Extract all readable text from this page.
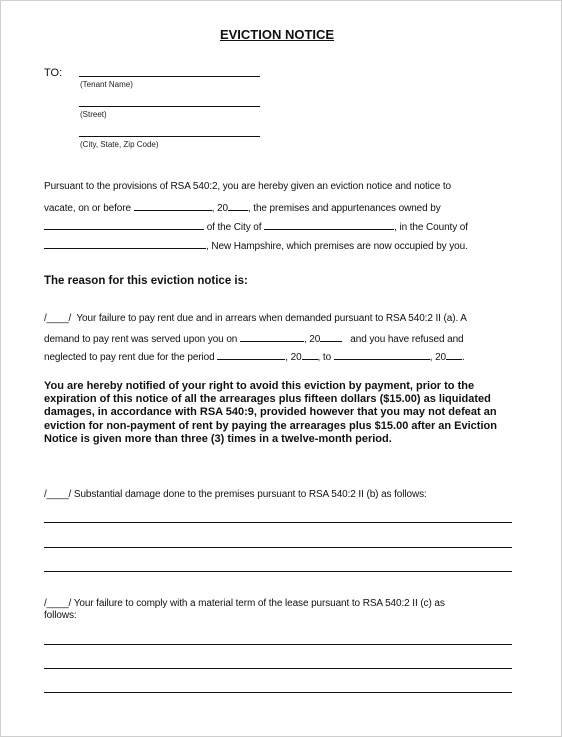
EVICTION NOTICE
TO:
(Tenant Name)
(Street)
(City, State, Zip Code)
Pursuant to the provisions of RSA 540:2, you are hereby given an eviction notice and notice to
vacate, on or before	, 20 , the premises and appurtenances owned by
of the City of	, in the County of
, New Hampshire, which premises are now occupied by you.
The reason for this eviction notice is:
/____/ Your failure to pay rent due and in arrears when demanded pursuant to RSA 540:2 II (a). A
demand to pay rent was served upon you on	, 20	and you have refused and
neglected to pay rent due for the period	, 20 , to	, 20 .
You are hereby notified of your right to avoid this eviction by payment, prior to the expiration of this notice of all the arrearages plus fifteen dollars ($15.00) as liquidated damages, in accordance with RSA 540:9, provided however that you may not defeat an eviction for non-payment of rent by paying the arrearages plus $15.00 after an Eviction Notice is given more than three (3) times in a twelve-month period.
/____/ Substantial damage done to the premises pursuant to RSA 540:2 II (b) as follows:
/____/ Your failure to comply with a material term of the lease pursuant to RSA 540:2 II (c) as
follows:
